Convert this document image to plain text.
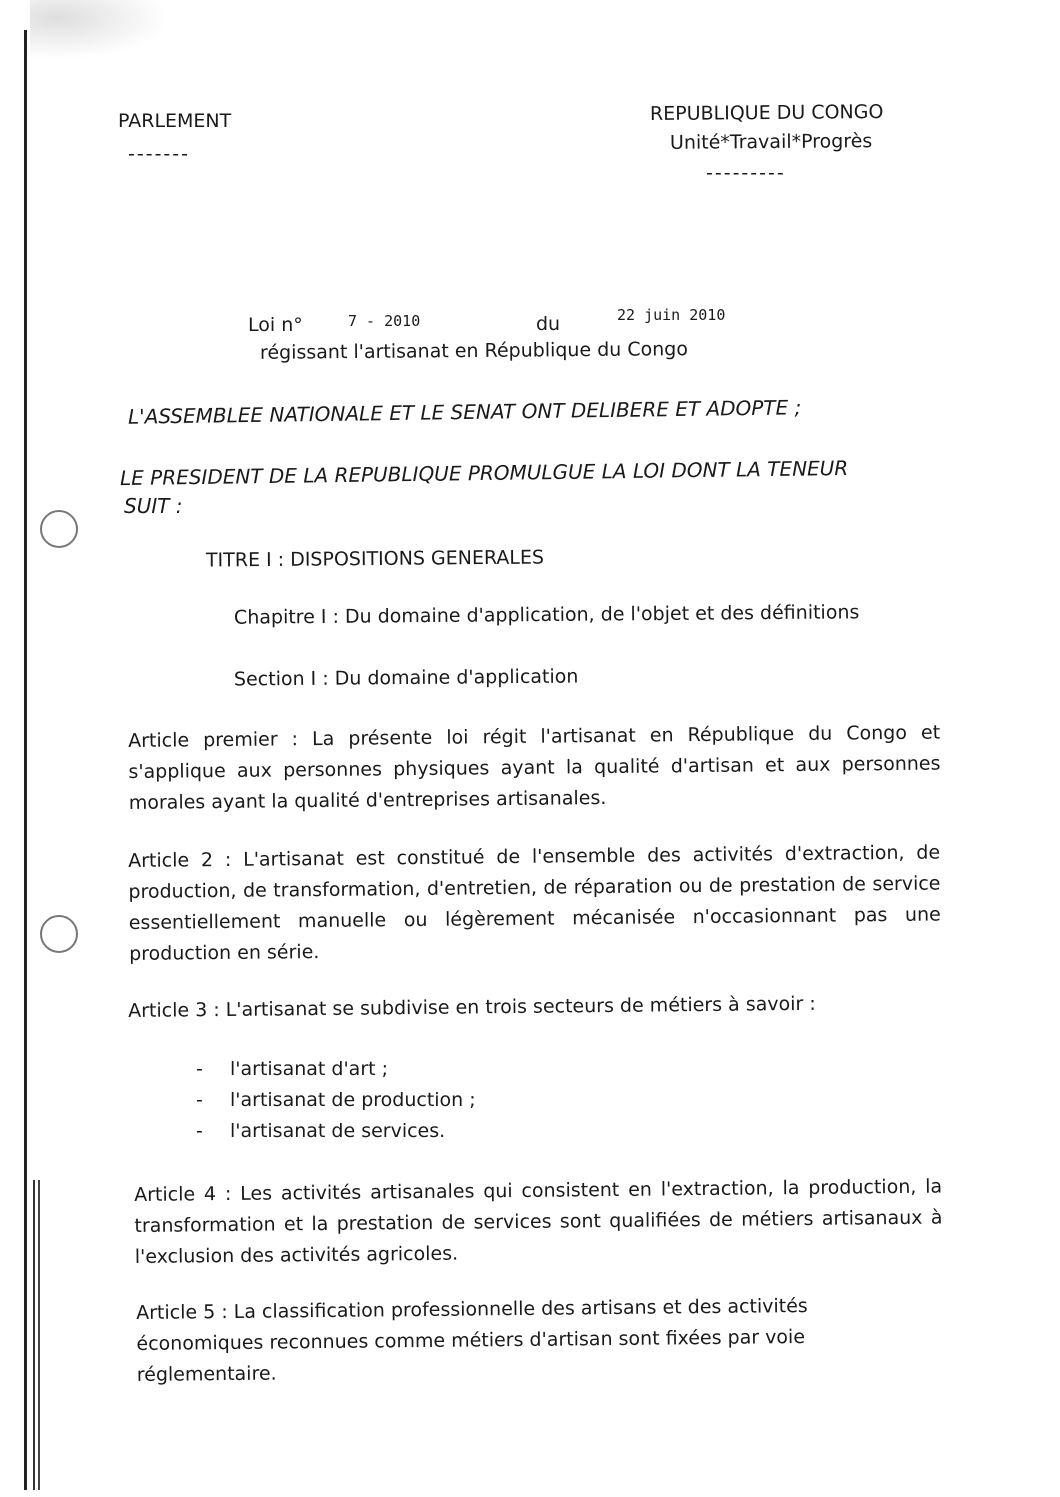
PARLEMENT
-------
REPUBLIQUE DU CONGO
Unité*Travail*Progrès
---------
Loi n°	7 - 2010	du	22 juin 2010
régissant l'artisanat en République du Congo
L'ASSEMBLEE NATIONALE ET LE SENAT ONT DELIBERE ET ADOPTE ;
LE PRESIDENT DE LA REPUBLIQUE PROMULGUE LA LOI DONT LA TENEUR
SUIT :
TITRE I : DISPOSITIONS GENERALES
Chapitre I : Du domaine d'application, de l'objet et des définitions
Section I : Du domaine d'application
Article premier : La présente loi régit l'artisanat en République du Congo et s'applique aux personnes physiques ayant la qualité d'artisan et aux personnes morales ayant la qualité d'entreprises artisanales.
Article 2 : L'artisanat est constitué de l'ensemble des activités d'extraction, de production, de transformation, d'entretien, de réparation ou de prestation de service essentiellement manuelle ou légèrement mécanisée n'occasionnant pas une production en série.
Article 3 : L'artisanat se subdivise en trois secteurs de métiers à savoir :
- l'artisanat d'art ;
- l'artisanat de production ;
- l'artisanat de services.
Article 4 : Les activités artisanales qui consistent en l'extraction, la production, la transformation et la prestation de services sont qualifiées de métiers artisanaux à l'exclusion des activités agricoles.
Article 5 : La classification professionnelle des artisans et des activités économiques reconnues comme métiers d'artisan sont fixées par voie réglementaire.
